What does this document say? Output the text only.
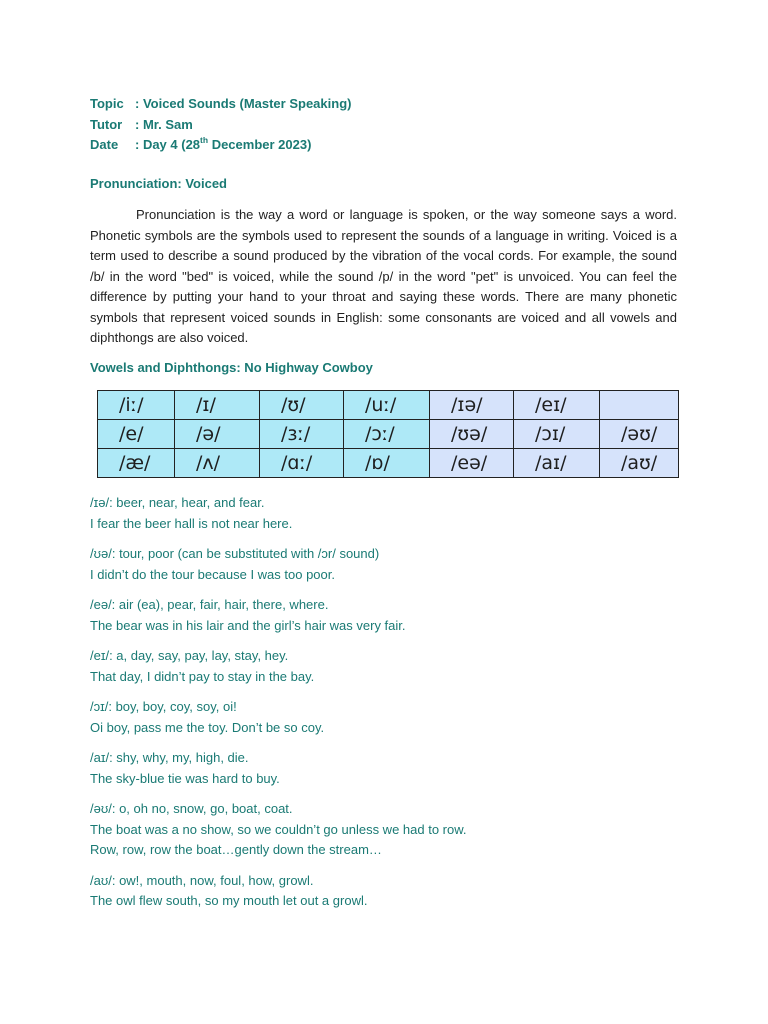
Topic : Voiced Sounds (Master Speaking)
Tutor : Mr. Sam
Date	: Day 4 (28th December 2023)
Pronunciation: Voiced

Pronunciation is the way a word or language is spoken, or the way someone says a word. Phonetic symbols are the symbols used to represent the sounds of a language in writing. Voiced is a term used to describe a sound produced by the vibration of the vocal cords. For example, the sound /b/ in the word "bed" is voiced, while the sound /p/ in the word "pet" is unvoiced. You can feel the difference by putting your hand to your throat and saying these words. There are many phonetic symbols that represent voiced sounds in English: some consonants are voiced and all vowels and diphthongs are also voiced.

Vowels and Diphthongs: No Highway Cowboy
/iː/	/ɪ/	/ʊ/	/uː/	/ɪə/	/eɪ/	
/e/	/ə/	/ɜː/	/ɔː/	/ʊə/	/ɔɪ/	/əʊ/
/æ/	/ʌ/	/ɑː/	/ɒ/	/eə/	/aɪ/	/aʊ/
/ɪə/: beer, near, hear, and fear.
I fear the beer hall is not near here.
/ʊə/: tour, poor (can be substituted with /ɔr/ sound)
I didn’t do the tour because I was too poor.
/eə/: air (ea), pear, fair, hair, there, where.
The bear was in his lair and the girl’s hair was very fair.
/eɪ/: a, day, say, pay, lay, stay, hey.
That day, I didn’t pay to stay in the bay.
/ɔɪ/: boy, boy, coy, soy, oi!
Oi boy, pass me the toy. Don’t be so coy.
/aɪ/: shy, why, my, high, die.
The sky-blue tie was hard to buy.
/əʊ/: o, oh no, snow, go, boat, coat.
The boat was a no show, so we couldn’t go unless we had to row.
Row, row, row the boat…gently down the stream…
/aʊ/: ow!, mouth, now, foul, how, growl.
The owl flew south, so my mouth let out a growl.
